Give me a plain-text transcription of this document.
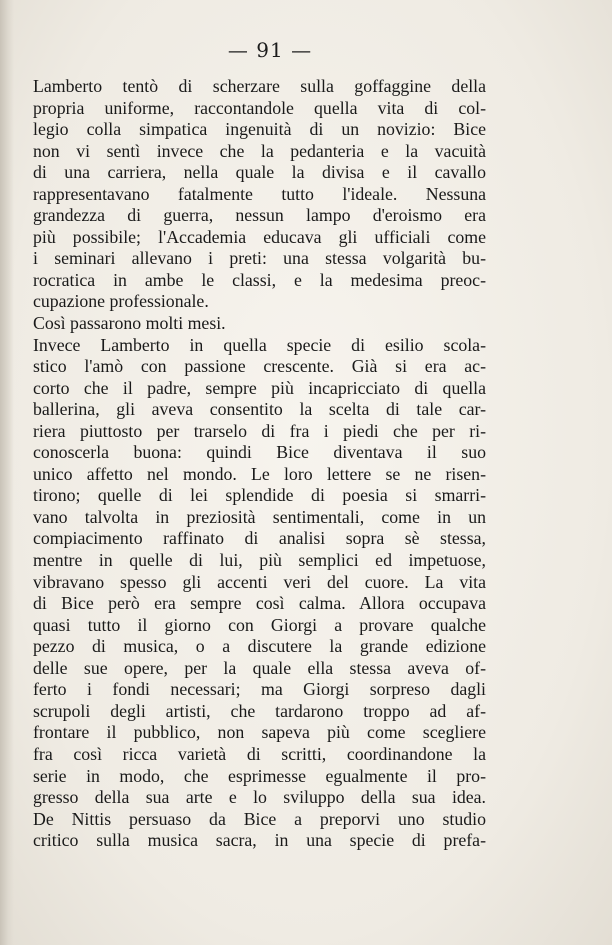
— 91 —
Lamberto tentò di scherzare sulla goffaggine della
propria uniforme, raccontandole quella vita di col-
legio colla simpatica ingenuità di un novizio: Bice
non vi sentì invece che la pedanteria e la vacuità
di una carriera, nella quale la divisa e il cavallo
rappresentavano fatalmente tutto l'ideale. Nessuna
grandezza di guerra, nessun lampo d'eroismo era
più possibile; l'Accademia educava gli ufficiali come
i seminari allevano i preti: una stessa volgarità bu-
rocratica in ambe le classi, e la medesima preoc-
cupazione professionale.
Così passarono molti mesi.
Invece Lamberto in quella specie di esilio scola-
stico l'amò con passione crescente. Già si era ac-
corto che il padre, sempre più incapricciato di quella
ballerina, gli aveva consentito la scelta di tale car-
riera piuttosto per trarselo di fra i piedi che per ri-
conoscerla buona: quindi Bice diventava il suo
unico affetto nel mondo. Le loro lettere se ne risen-
tirono; quelle di lei splendide di poesia si smarri-
vano talvolta in preziosità sentimentali, come in un
compiacimento raffinato di analisi sopra sè stessa,
mentre in quelle di lui, più semplici ed impetuose,
vibravano spesso gli accenti veri del cuore. La vita
di Bice però era sempre così calma. Allora occupava
quasi tutto il giorno con Giorgi a provare qualche
pezzo di musica, o a discutere la grande edizione
delle sue opere, per la quale ella stessa aveva of-
ferto i fondi necessari; ma Giorgi sorpreso dagli
scrupoli degli artisti, che tardarono troppo ad af-
frontare il pubblico, non sapeva più come scegliere
fra così ricca varietà di scritti, coordinandone la
serie in modo, che esprimesse egualmente il pro-
gresso della sua arte e lo sviluppo della sua idea.
De Nittis persuaso da Bice a preporvi uno studio
critico sulla musica sacra, in una specie di prefa-
